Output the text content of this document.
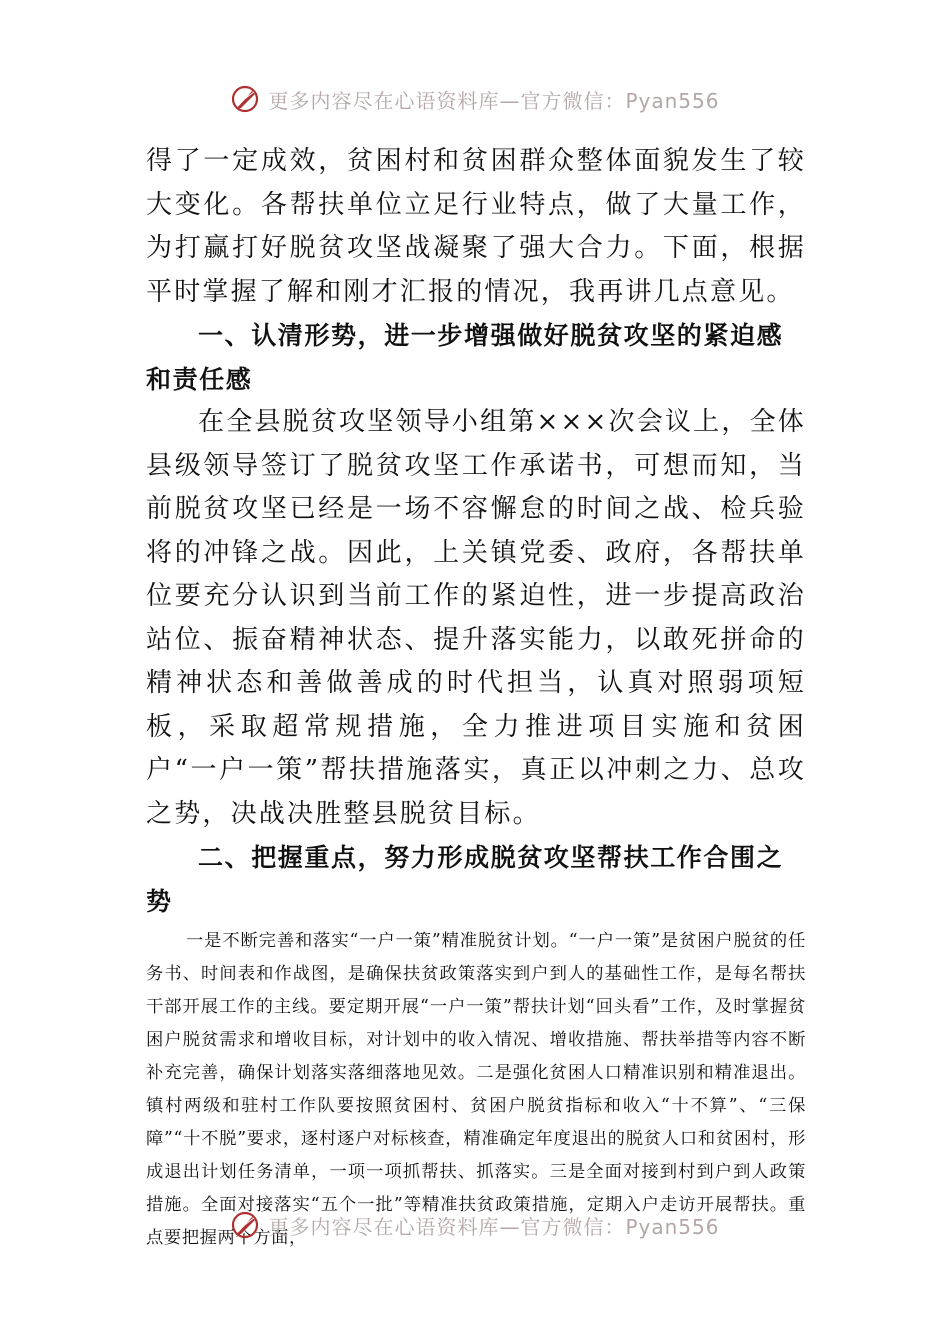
更多内容尽在心语资料库—官方微信：Pyan556

得了一定成效，贫困村和贫困群众整体面貌发生了较大变化。各帮扶单位立足行业特点，做了大量工作，为打赢打好脱贫攻坚战凝聚了强大合力。下面，根据平时掌握了解和刚才汇报的情况，我再讲几点意见。

一、认清形势，进一步增强做好脱贫攻坚的紧迫感和责任感

在全县脱贫攻坚领导小组第×××次会议上，全体县级领导签订了脱贫攻坚工作承诺书，可想而知，当前脱贫攻坚已经是一场不容懈怠的时间之战、检兵验将的冲锋之战。因此，上关镇党委、政府，各帮扶单位要充分认识到当前工作的紧迫性，进一步提高政治站位、振奋精神状态、提升落实能力，以敢死拼命的精神状态和善做善成的时代担当，认真对照弱项短板，采取超常规措施，全力推进项目实施和贫困户“一户一策”帮扶措施落实，真正以冲刺之力、总攻之势，决战决胜整县脱贫目标。

二、把握重点，努力形成脱贫攻坚帮扶工作合围之势

一是不断完善和落实“一户一策”精准脱贫计划。“一户一策”是贫困户脱贫的任务书、时间表和作战图，是确保扶贫政策落实到户到人的基础性工作，是每名帮扶干部开展工作的主线。要定期开展“一户一策”帮扶计划“回头看”工作，及时掌握贫困户脱贫需求和增收目标，对计划中的收入情况、增收措施、帮扶举措等内容不断补充完善，确保计划落实落细落地见效。二是强化贫困人口精准识别和精准退出。镇村两级和驻村工作队要按照贫困村、贫困户脱贫指标和收入“十不算”、“三保障”“十不脱”要求，逐村逐户对标核查，精准确定年度退出的脱贫人口和贫困村，形成退出计划任务清单，一项一项抓帮扶、抓落实。三是全面对接到村到户到人政策措施。全面对接落实“五个一批”等精准扶贫政策措施，定期入户走访开展帮扶。重点要把握两个方面，

更多内容尽在心语资料库—官方微信：Pyan556
